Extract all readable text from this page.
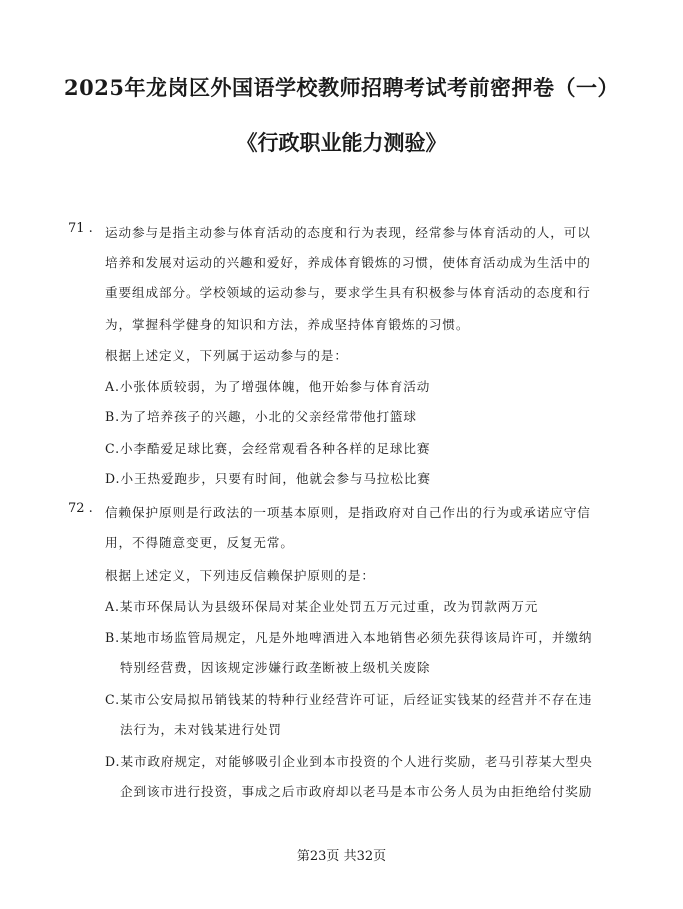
2025年龙岗区外国语学校教师招聘考试考前密押卷（一）
《行政职业能力测验》
71 . 运动参与是指主动参与体育活动的态度和行为表现，经常参与体育活动的人，可以
培养和发展对运动的兴趣和爱好，养成体育锻炼的习惯，使体育活动成为生活中的
重要组成部分。学校领域的运动参与，要求学生具有积极参与体育活动的态度和行
为，掌握科学健身的知识和方法，养成坚持体育锻炼的习惯。
根据上述定义，下列属于运动参与的是：
A.小张体质较弱，为了增强体魄，他开始参与体育活动
B.为了培养孩子的兴趣，小北的父亲经常带他打篮球
C.小李酷爱足球比赛，会经常观看各种各样的足球比赛
D.小王热爱跑步，只要有时间，他就会参与马拉松比赛
72 . 信赖保护原则是行政法的一项基本原则，是指政府对自己作出的行为或承诺应守信
用，不得随意变更，反复无常。
根据上述定义，下列违反信赖保护原则的是：
A.某市环保局认为县级环保局对某企业处罚五万元过重，改为罚款两万元
B.某地市场监管局规定，凡是外地啤酒进入本地销售必须先获得该局许可，并缴纳
特别经营费，因该规定涉嫌行政垄断被上级机关废除
C.某市公安局拟吊销钱某的特种行业经营许可证，后经证实钱某的经营并不存在违
法行为，未对钱某进行处罚
D.某市政府规定，对能够吸引企业到本市投资的个人进行奖励，老马引荐某大型央
企到该市进行投资，事成之后市政府却以老马是本市公务人员为由拒绝给付奖励
第23页 共32页
